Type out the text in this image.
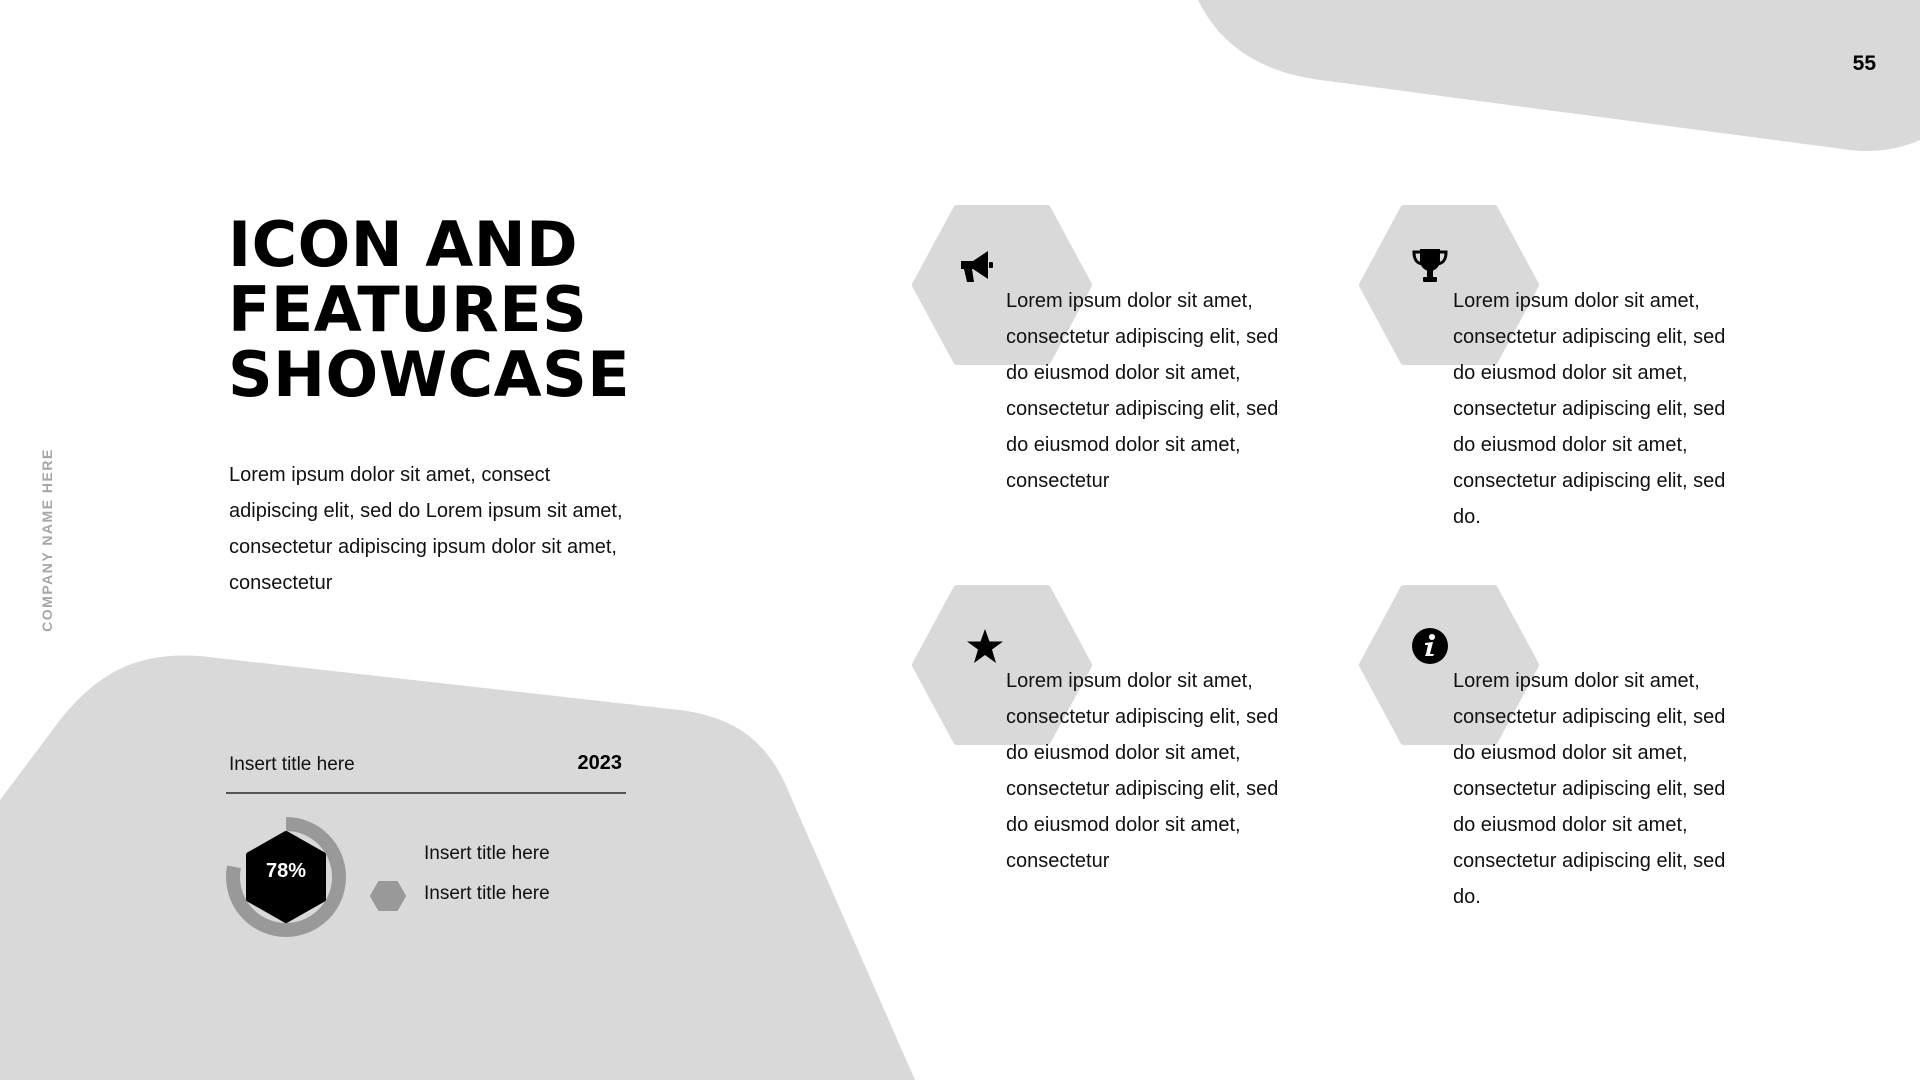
55
COMPANY NAME HERE
ICON AND
FEATURES
SHOWCASE

Lorem ipsum dolor sit amet, consect adipiscing elit, sed do Lorem ipsum sit amet, consectetur adipiscing ipsum dolor sit amet, consectetur

Insert title here	2023
78%
Insert title here
Insert title here

Lorem ipsum dolor sit amet, consectetur adipiscing elit, sed do eiusmod dolor sit amet, consectetur adipiscing elit, sed do eiusmod dolor sit amet, consectetur

Lorem ipsum dolor sit amet, consectetur adipiscing elit, sed do eiusmod dolor sit amet, consectetur adipiscing elit, sed do eiusmod dolor sit amet, consectetur adipiscing elit, sed do.

Lorem ipsum dolor sit amet, consectetur adipiscing elit, sed do eiusmod dolor sit amet, consectetur adipiscing elit, sed do eiusmod dolor sit amet, consectetur

Lorem ipsum dolor sit amet, consectetur adipiscing elit, sed do eiusmod dolor sit amet, consectetur adipiscing elit, sed do eiusmod dolor sit amet, consectetur adipiscing elit, sed do.
